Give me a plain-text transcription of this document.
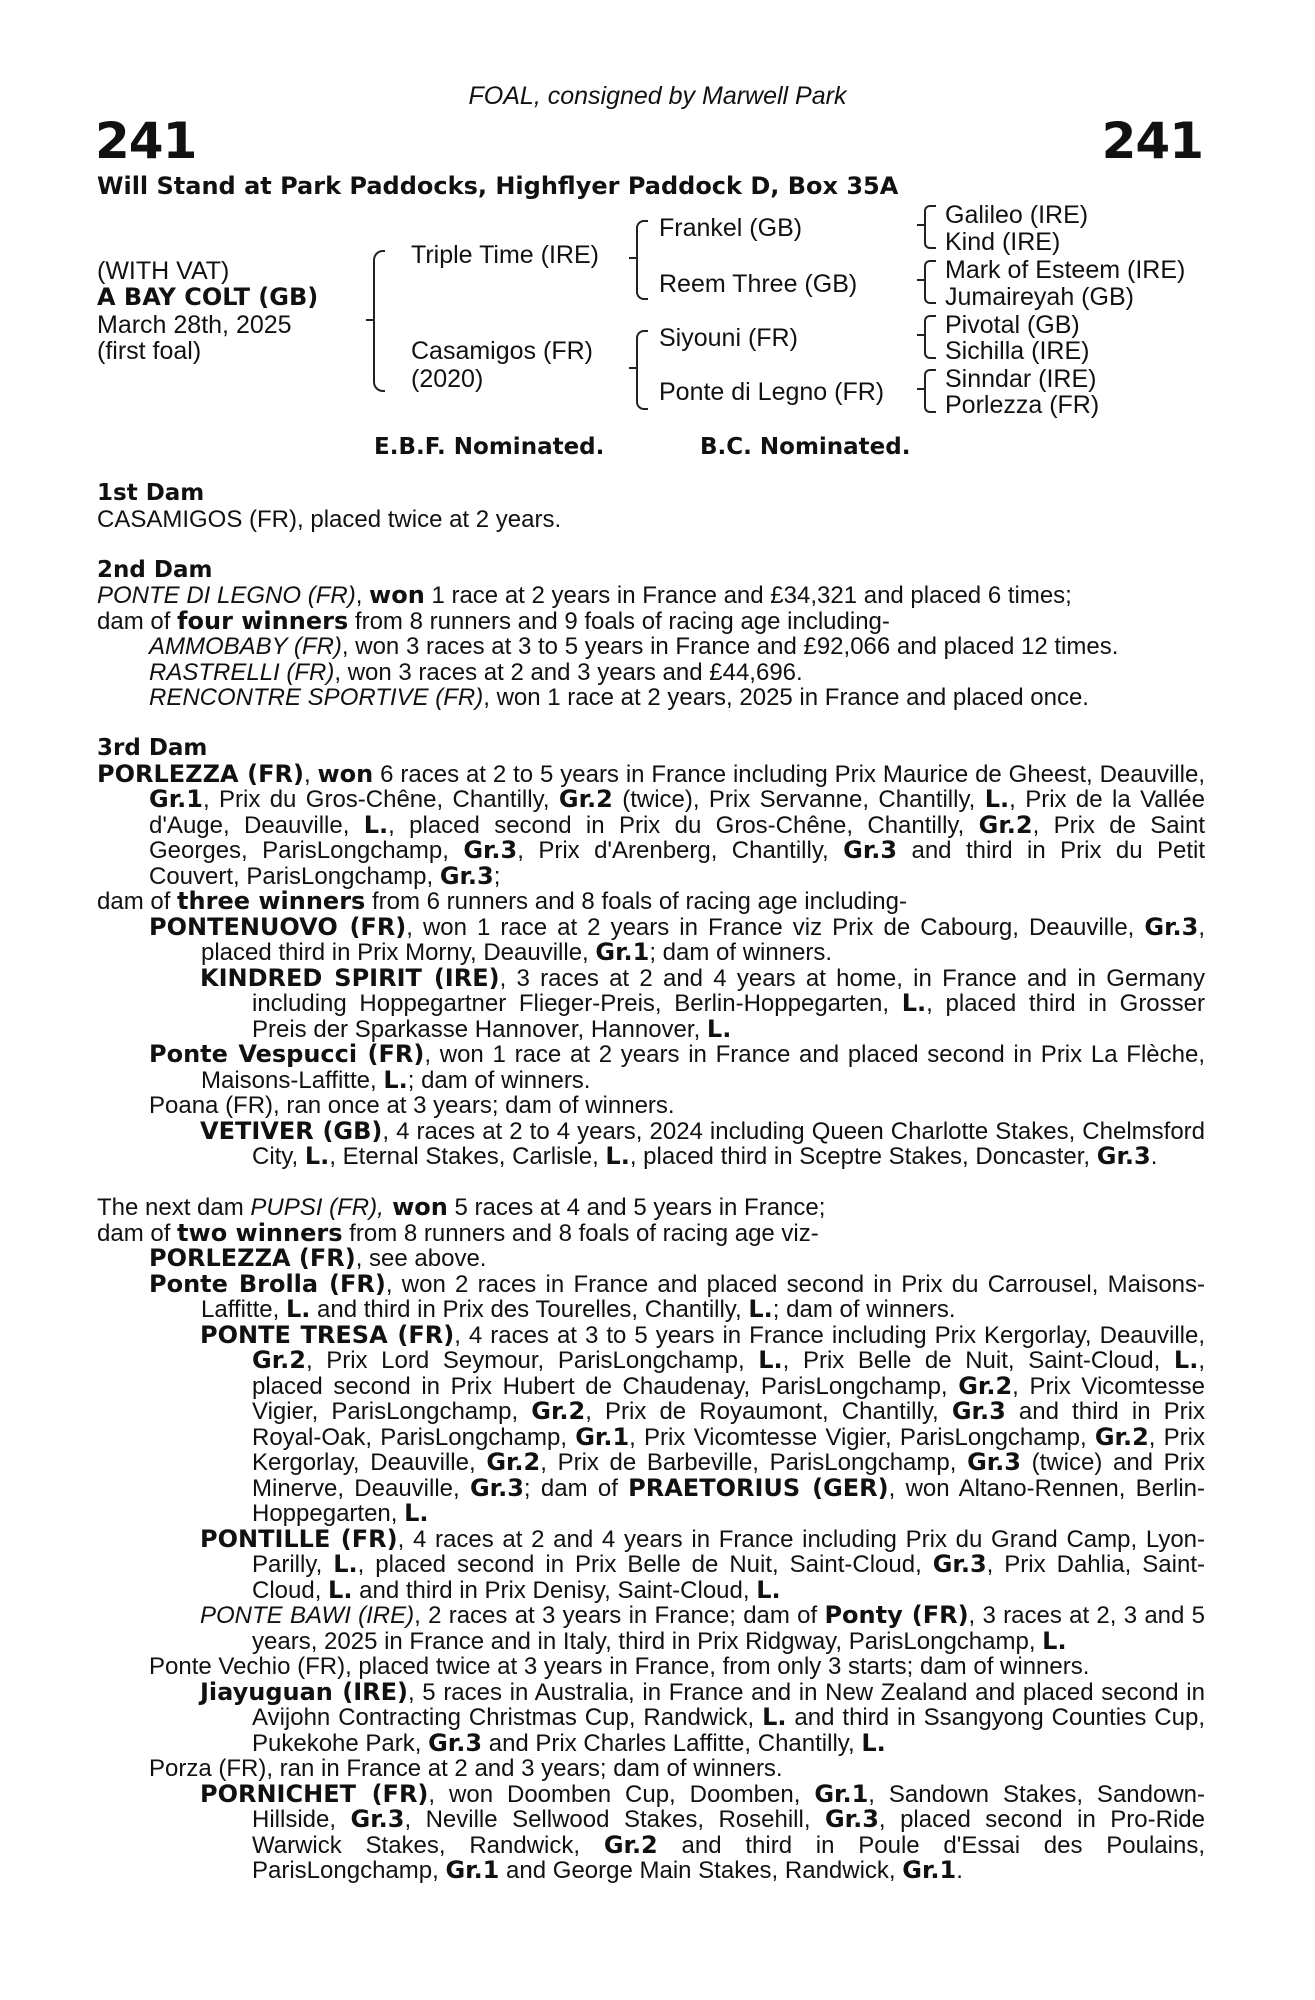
FOAL, consigned by Marwell Park
241	241
Will Stand at Park Paddocks, Highflyer Paddock D, Box 35A
(WITH VAT)
A BAY COLT (GB)
March 28th, 2025
(first foal)
Triple Time (IRE)
Casamigos (FR)
(2020)
Frankel (GB)
Reem Three (GB)
Siyouni (FR)
Ponte di Legno (FR)
Galileo (IRE)
Kind (IRE)
Mark of Esteem (IRE)
Jumaireyah (GB)
Pivotal (GB)
Sichilla (IRE)
Sinndar (IRE)
Porlezza (FR)
E.B.F. Nominated.	B.C. Nominated.

1st Dam

CASAMIGOS (FR), placed twice at 2 years.

2nd Dam

PONTE DI LEGNO (FR), won 1 race at 2 years in France and £34,321 and placed 6 times;

dam of four winners from 8 runners and 9 foals of racing age including-

AMMOBABY (FR), won 3 races at 3 to 5 years in France and £92,066 and placed 12 times.

RASTRELLI (FR), won 3 races at 2 and 3 years and £44,696.

RENCONTRE SPORTIVE (FR), won 1 race at 2 years, 2025 in France and placed once.

3rd Dam

PORLEZZA (FR), won 6 races at 2 to 5 years in France including Prix Maurice de Gheest, Deauville, Gr.1, Prix du Gros-Chêne, Chantilly, Gr.2 (twice), Prix Servanne, Chantilly, L., Prix de la Vallée d'Auge, Deauville, L., placed second in Prix du Gros-Chêne, Chantilly, Gr.2, Prix de Saint Georges, ParisLongchamp, Gr.3, Prix d'Arenberg, Chantilly, Gr.3 and third in Prix du Petit Couvert, ParisLongchamp, Gr.3;

dam of three winners from 6 runners and 8 foals of racing age including-

PONTENUOVO (FR), won 1 race at 2 years in France viz Prix de Cabourg, Deauville, Gr.3, placed third in Prix Morny, Deauville, Gr.1; dam of winners.

KINDRED SPIRIT (IRE), 3 races at 2 and 4 years at home, in France and in Germany including Hoppegartner Flieger-Preis, Berlin-Hoppegarten, L., placed third in Grosser Preis der Sparkasse Hannover, Hannover, L.

Ponte Vespucci (FR), won 1 race at 2 years in France and placed second in Prix La Flèche, Maisons-Laffitte, L.; dam of winners.

Poana (FR), ran once at 3 years; dam of winners.

VETIVER (GB), 4 races at 2 to 4 years, 2024 including Queen Charlotte Stakes, Chelmsford City, L., Eternal Stakes, Carlisle, L., placed third in Sceptre Stakes, Doncaster, Gr.3.

The next dam PUPSI (FR), won 5 races at 4 and 5 years in France;

dam of two winners from 8 runners and 8 foals of racing age viz-

PORLEZZA (FR), see above.

Ponte Brolla (FR), won 2 races in France and placed second in Prix du Carrousel, Maisons-Laffitte, L. and third in Prix des Tourelles, Chantilly, L.; dam of winners.

PONTE TRESA (FR), 4 races at 3 to 5 years in France including Prix Kergorlay, Deauville, Gr.2, Prix Lord Seymour, ParisLongchamp, L., Prix Belle de Nuit, Saint-Cloud, L., placed second in Prix Hubert de Chaudenay, ParisLongchamp, Gr.2, Prix Vicomtesse Vigier, ParisLongchamp, Gr.2, Prix de Royaumont, Chantilly, Gr.3 and third in Prix Royal-Oak, ParisLongchamp, Gr.1, Prix Vicomtesse Vigier, ParisLongchamp, Gr.2, Prix Kergorlay, Deauville, Gr.2, Prix de Barbeville, ParisLongchamp, Gr.3 (twice) and Prix Minerve, Deauville, Gr.3; dam of PRAETORIUS (GER), won Altano-Rennen, Berlin-Hoppegarten, L.

PONTILLE (FR), 4 races at 2 and 4 years in France including Prix du Grand Camp, Lyon-Parilly, L., placed second in Prix Belle de Nuit, Saint-Cloud, Gr.3, Prix Dahlia, Saint-Cloud, L. and third in Prix Denisy, Saint-Cloud, L.

PONTE BAWI (IRE), 2 races at 3 years in France; dam of Ponty (FR), 3 races at 2, 3 and 5 years, 2025 in France and in Italy, third in Prix Ridgway, ParisLongchamp, L.

Ponte Vechio (FR), placed twice at 3 years in France, from only 3 starts; dam of winners.

Jiayuguan (IRE), 5 races in Australia, in France and in New Zealand and placed second in Avijohn Contracting Christmas Cup, Randwick, L. and third in Ssangyong Counties Cup, Pukekohe Park, Gr.3 and Prix Charles Laffitte, Chantilly, L.

Porza (FR), ran in France at 2 and 3 years; dam of winners.

PORNICHET (FR), won Doomben Cup, Doomben, Gr.1, Sandown Stakes, Sandown-Hillside, Gr.3, Neville Sellwood Stakes, Rosehill, Gr.3, placed second in Pro-Ride Warwick Stakes, Randwick, Gr.2 and third in Poule d'Essai des Poulains, ParisLongchamp, Gr.1 and George Main Stakes, Randwick, Gr.1.
